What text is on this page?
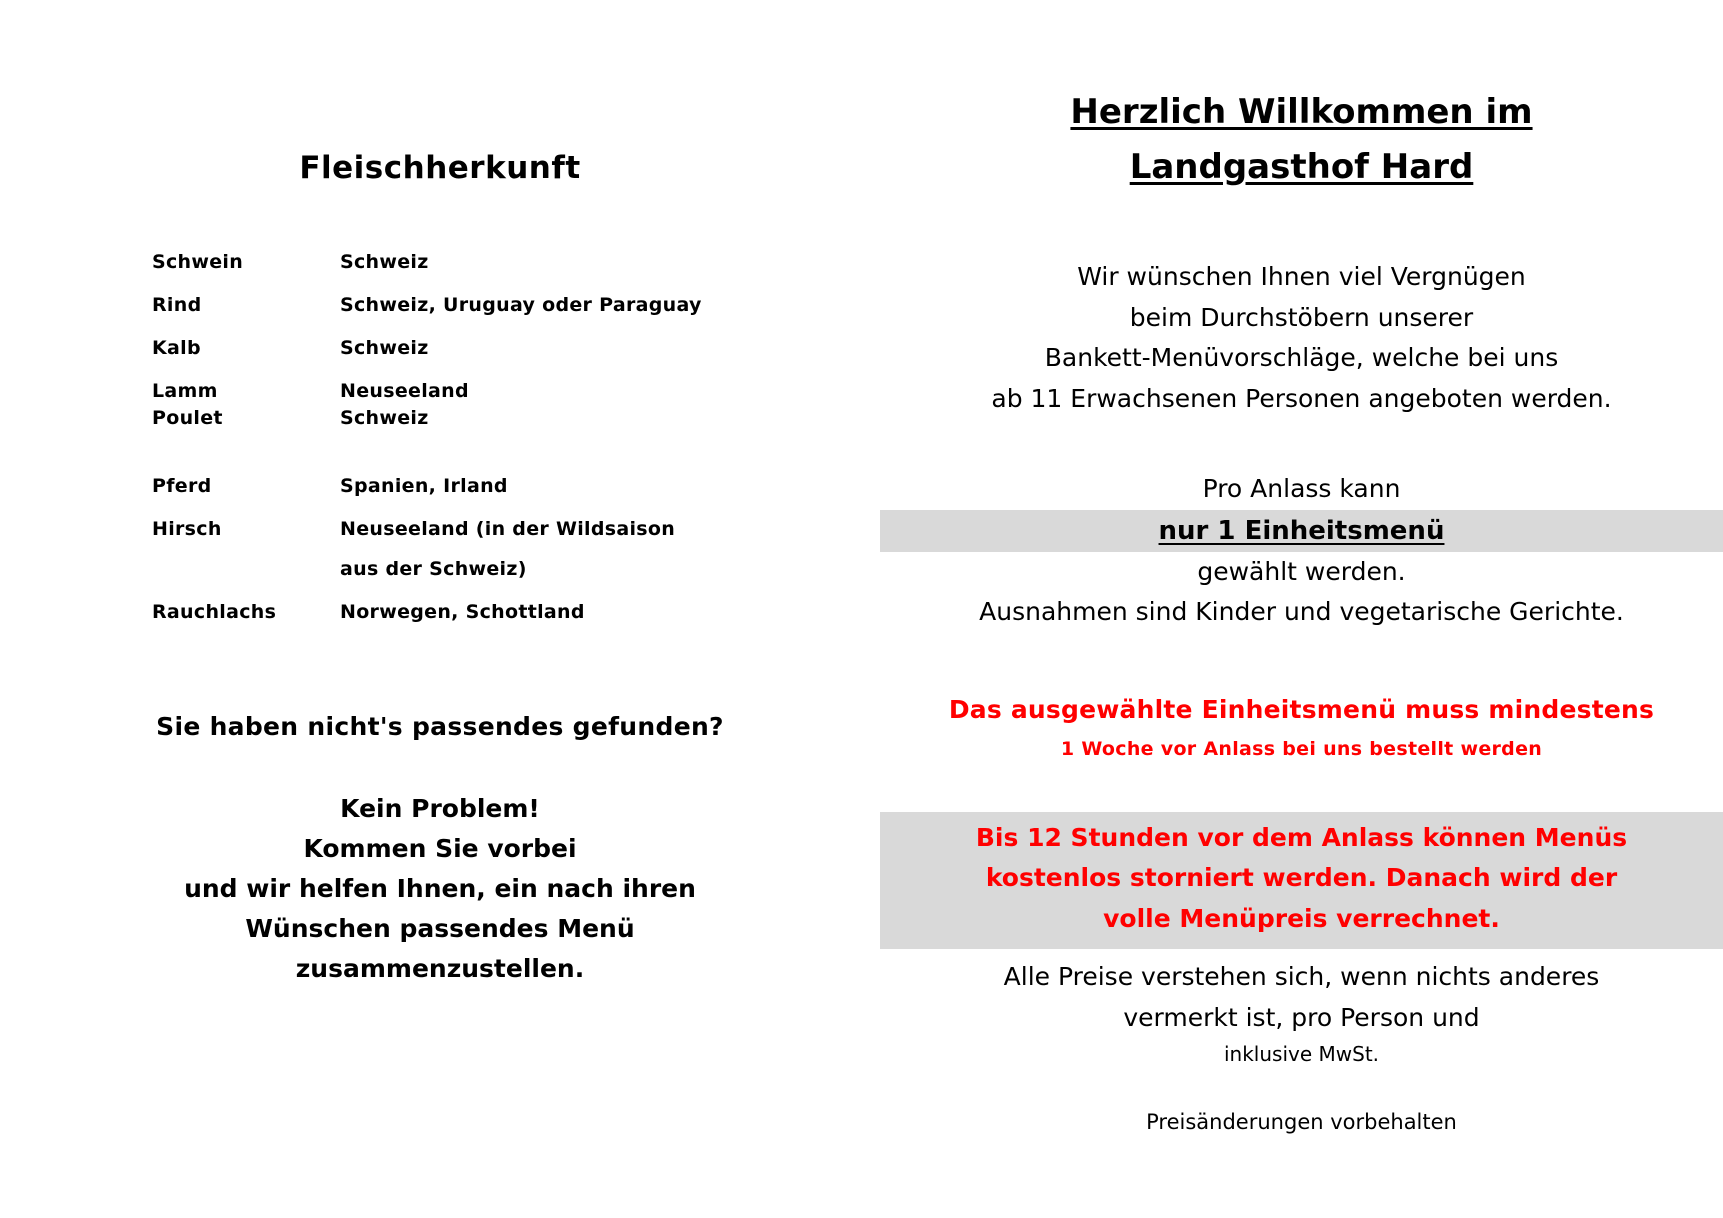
Fleischherkunft
Schwein	Schweiz
Rind	Schweiz, Uruguay oder Paraguay
Kalb	Schweiz
Lamm	Neuseeland
Poulet	Schweiz
Pferd	Spanien, Irland
Hirsch	Neuseeland (in der Wildsaison
	aus der Schweiz)
Rauchlachs	Norwegen, Schottland
Sie haben nicht's passendes gefunden?
Kein Problem!
Kommen Sie vorbei
und wir helfen Ihnen, ein nach ihren
Wünschen passendes Menü
zusammenzustellen.
Herzlich Willkommen im
Landgasthof Hard
Wir wünschen Ihnen viel Vergnügen
beim Durchstöbern unserer
Bankett-Menüvorschläge, welche bei uns
ab 11 Erwachsenen Personen angeboten werden.
Pro Anlass kann
nur 1 Einheitsmenü
gewählt werden.
Ausnahmen sind Kinder und vegetarische Gerichte.
Das ausgewählte Einheitsmenü muss mindestens
1 Woche vor Anlass bei uns bestellt werden
Bis 12 Stunden vor dem Anlass können Menüs
kostenlos storniert werden. Danach wird der
volle Menüpreis verrechnet.
Alle Preise verstehen sich, wenn nichts anderes
vermerkt ist, pro Person und
inklusive MwSt.
Preisänderungen vorbehalten
